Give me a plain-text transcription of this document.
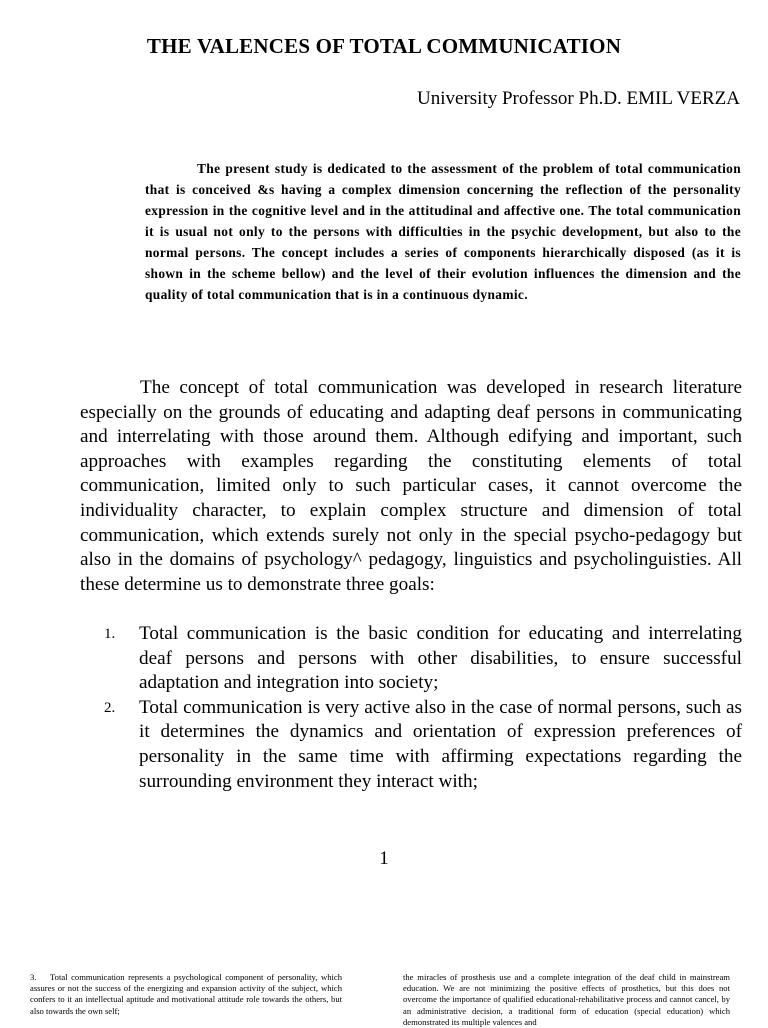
THE VALENCES OF TOTAL COMMUNICATION
University Professor Ph.D. EMIL VERZA

The present study is dedicated to the assessment of the problem of total communication that is conceived &s having a complex dimension concerning the reflection of the personality expression in the cognitive level and in the attitudinal and affective one. The total communication it is usual not only to the persons with difficulties in the psychic development, but also to the normal persons. The concept includes a series of components hierarchically disposed (as it is shown in the scheme bellow) and the level of their evolution influences the dimension and the quality of total communication that is in a continuous dynamic.

The concept of total communication was developed in research literature especially on the grounds of educating and adapting deaf persons in communicating and interrelating with those around them. Although edifying and important, such approaches with examples regarding the constituting elements of total communication, limited only to such particular cases, it cannot overcome the individuality character, to explain complex structure and dimension of total communication, which extends surely not only in the special psycho-pedagogy but also in the domains of psychology^ pedagogy, linguistics and psycholinguisties. All these determine us to demonstrate three goals:

1.	Total communication is the basic condition for educating and interrelating deaf persons and persons with other disabilities, to ensure successful adaptation and integration into society;
2.	Total communication is very active also in the case of normal persons, such as it determines the dynamics and orientation of expression preferences of personality in the same time with affirming expectations regarding the surrounding environment they interact with;
1

3. Total communication represents a psychological component of personality, which assures or not the success of the energizing and expansion activity of the subject, which confers to it an intellectual aptitude and motivational attitude role towards the others, but also towards the own self;

the miracles of prosthesis use and a complete integration of the deaf child in mainstream education. We are not minimizing the positive effects of prosthetics, but this does not overcome the importance of qualified educational-rehabilitative process and cannot cancel, by an administrative decision, a traditional form of education (special education) which demonstrated its multiple valences and
